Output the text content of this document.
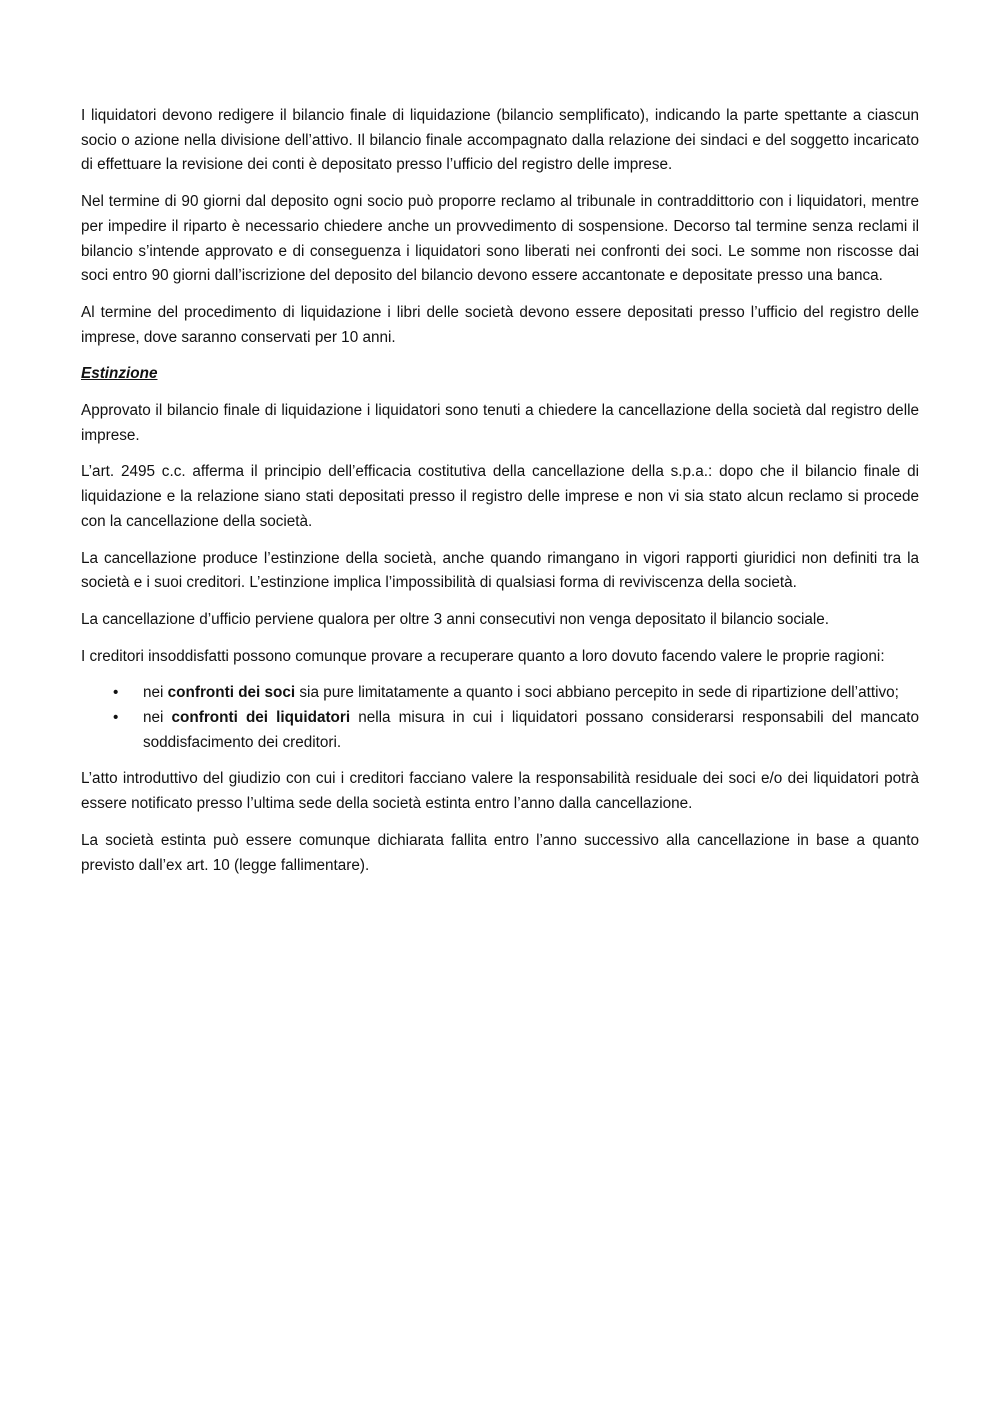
I liquidatori devono redigere il bilancio finale di liquidazione (bilancio semplificato), indicando la parte spettante a ciascun socio o azione nella divisione dell’attivo. Il bilancio finale accompagnato dalla relazione dei sindaci e del soggetto incaricato di effettuare la revisione dei conti è depositato presso l’ufficio del registro delle imprese.

Nel termine di 90 giorni dal deposito ogni socio può proporre reclamo al tribunale in contraddittorio con i liquidatori, mentre per impedire il riparto è necessario chiedere anche un provvedimento di sospensione. Decorso tal termine senza reclami il bilancio s’intende approvato e di conseguenza i liquidatori sono liberati nei confronti dei soci. Le somme non riscosse dai soci entro 90 giorni dall’iscrizione del deposito del bilancio devono essere accantonate e depositate presso una banca.

Al termine del procedimento di liquidazione i libri delle società devono essere depositati presso l’ufficio del registro delle imprese, dove saranno conservati per 10 anni.

Estinzione

Approvato il bilancio finale di liquidazione i liquidatori sono tenuti a chiedere la cancellazione della società dal registro delle imprese.

L’art. 2495 c.c. afferma il principio dell’efficacia costitutiva della cancellazione della s.p.a.: dopo che il bilancio finale di liquidazione e la relazione siano stati depositati presso il registro delle imprese e non vi sia stato alcun reclamo si procede con la cancellazione della società.

La cancellazione produce l’estinzione della società, anche quando rimangano in vigori rapporti giuridici non definiti tra la società e i suoi creditori. L’estinzione implica l’impossibilità di qualsiasi forma di reviviscenza della società.

La cancellazione d’ufficio perviene qualora per oltre 3 anni consecutivi non venga depositato il bilancio sociale.

I creditori insoddisfatti possono comunque provare a recuperare quanto a loro dovuto facendo valere le proprie ragioni:

• nei confronti dei soci sia pure limitatamente a quanto i soci abbiano percepito in sede di ripartizione dell’attivo;
• nei confronti dei liquidatori nella misura in cui i liquidatori possano considerarsi responsabili del mancato soddisfacimento dei creditori.

L’atto introduttivo del giudizio con cui i creditori facciano valere la responsabilità residuale dei soci e/o dei liquidatori potrà essere notificato presso l’ultima sede della società estinta entro l’anno dalla cancellazione.

La società estinta può essere comunque dichiarata fallita entro l’anno successivo alla cancellazione in base a quanto previsto dall’ex art. 10 (legge fallimentare).
